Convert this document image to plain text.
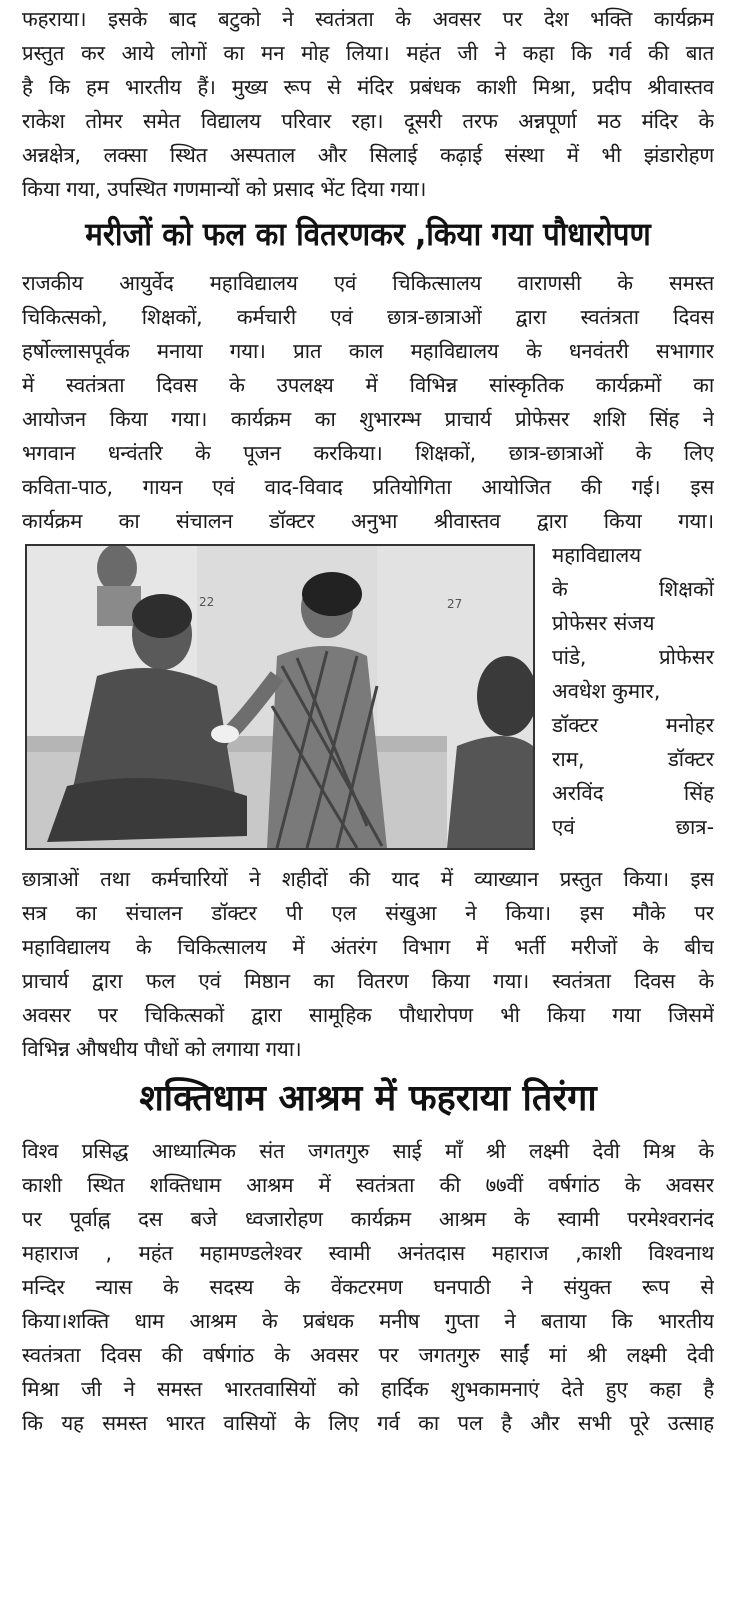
फहराया। इसके बाद बटुको ने स्वतंत्रता के अवसर पर देश भक्ति कार्यक्रम
प्रस्तुत कर आये लोगों का मन मोह लिया। महंत जी ने कहा कि गर्व की बात
है कि हम भारतीय हैं। मुख्य रूप से मंदिर प्रबंधक काशी मिश्रा, प्रदीप श्रीवास्तव
राकेश तोमर समेत विद्यालय परिवार रहा। दूसरी तरफ अन्नपूर्णा मठ मंदिर के
अन्नक्षेत्र, लक्सा स्थित अस्पताल और सिलाई कढ़ाई संस्था में भी झंडारोहण
किया गया, उपस्थित गणमान्यों को प्रसाद भेंट दिया गया।
मरीजों को फल का वितरणकर ,किया गया पौधारोपण
राजकीय आयुर्वेद महाविद्यालय एवं चिकित्सालय वाराणसी के समस्त
चिकित्सको, शिक्षकों, कर्मचारी एवं छात्र-छात्राओं द्वारा स्वतंत्रता दिवस
हर्षोल्लासपूर्वक मनाया गया। प्रात काल महाविद्यालय के धनवंतरी सभागार
में स्वतंत्रता दिवस के उपलक्ष्य में विभिन्न सांस्कृतिक कार्यक्रमों का
आयोजन किया गया। कार्यक्रम का शुभारम्भ प्राचार्य प्रोफेसर शशि सिंह ने
भगवान धन्वंतरि के पूजन करकिया। शिक्षकों, छात्र-छात्राओं के लिए
कविता-पाठ, गायन एवं वाद-विवाद प्रतियोगिता आयोजित की गई। इस
कार्यक्रम का संचालन डॉक्टर अनुभा श्रीवास्तव द्वारा किया गया।
22	27
महाविद्यालय
के शिक्षकों
प्रोफेसर संजय
पांडे, प्रोफेसर
अवधेश कुमार,
डॉक्टर मनोहर
राम, डॉक्टर
अरविंद सिंह
एवं छात्र-
छात्राओं तथा कर्मचारियों ने शहीदों की याद में व्याख्यान प्रस्तुत किया। इस
सत्र का संचालन डॉक्टर पी एल संखुआ ने किया। इस मौके पर
महाविद्यालय के चिकित्सालय में अंतरंग विभाग में भर्ती मरीजों के बीच
प्राचार्य द्वारा फल एवं मिष्ठान का वितरण किया गया। स्वतंत्रता दिवस के
अवसर पर चिकित्सकों द्वारा सामूहिक पौधारोपण भी किया गया जिसमें
विभिन्न औषधीय पौधों को लगाया गया।
शक्तिधाम आश्रम में फहराया तिरंगा
विश्व प्रसिद्ध आध्यात्मिक संत जगतगुरु साई माँ श्री लक्ष्मी देवी मिश्र के
काशी स्थित शक्तिधाम आश्रम में स्वतंत्रता की ७७वीं वर्षगांठ के अवसर
पर पूर्वाह्न दस बजे ध्वजारोहण कार्यक्रम आश्रम के स्वामी परमेश्वरानंद
महाराज , महंत महामण्डलेश्वर स्वामी अनंतदास महाराज ,काशी विश्वनाथ
मन्दिर न्यास के सदस्य के वेंकटरमण घनपाठी ने संयुक्त रूप से
किया।शक्ति धाम आश्रम के प्रबंधक मनीष गुप्ता ने बताया कि भारतीय
स्वतंत्रता दिवस की वर्षगांठ के अवसर पर जगतगुरु साईं मां श्री लक्ष्मी देवी
मिश्रा जी ने समस्त भारतवासियों को हार्दिक शुभकामनाएं देते हुए कहा है
कि यह समस्त भारत वासियों के लिए गर्व का पल है और सभी पूरे उत्साह
